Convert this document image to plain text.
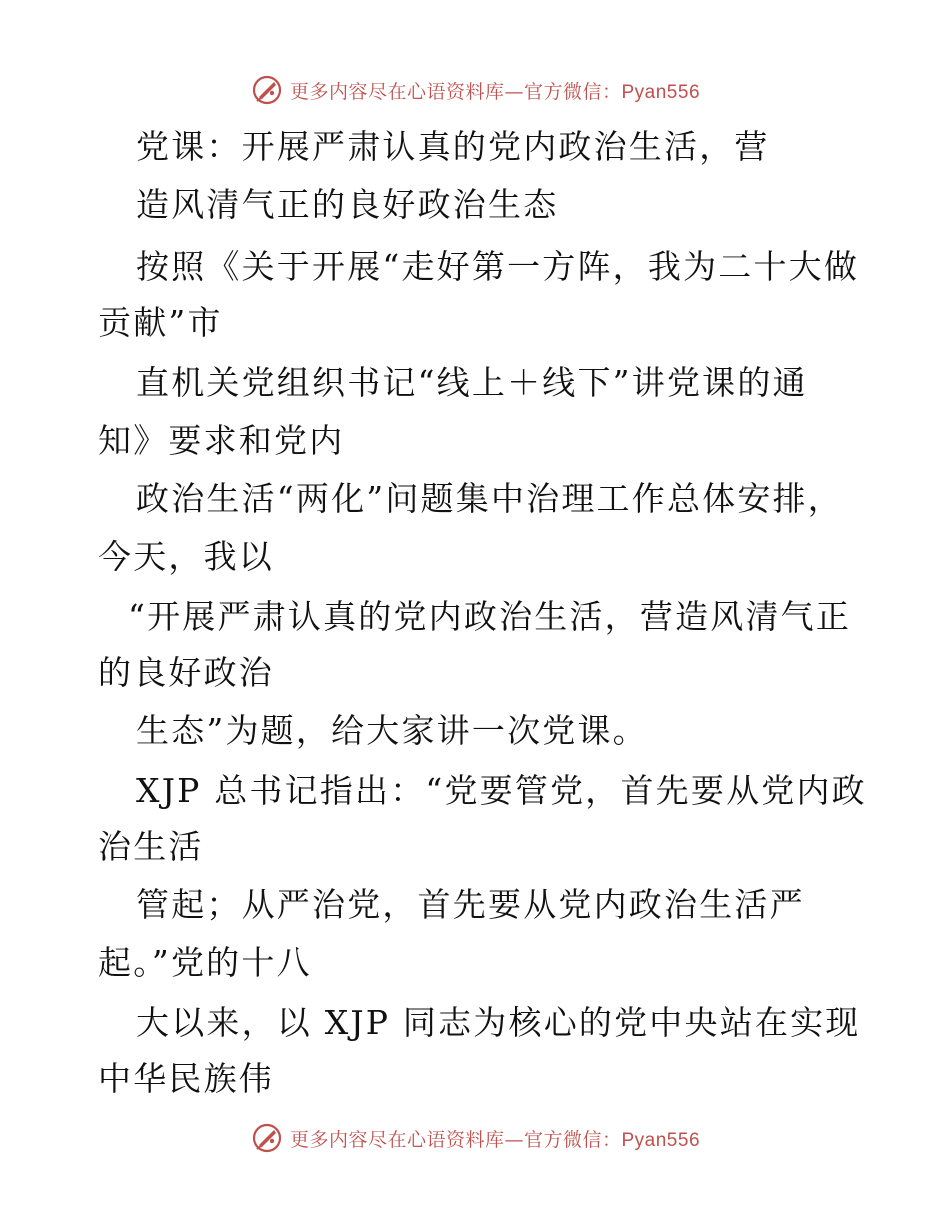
更多内容尽在心语资料库—官方微信：Pyan556
党课：开展严肃认真的党内政治生活，营
造风清气正的良好政治生态
按照《关于开展“走好第一方阵，我为二十大做
贡献”市
直机关党组织书记“线上＋线下”讲党课的通
知》要求和党内
政治生活“两化”问题集中治理工作总体安排，
今天，我以
“开展严肃认真的党内政治生活，营造风清气正
的良好政治
生态”为题，给大家讲一次党课。
XJP 总书记指出：“党要管党，首先要从党内政
治生活
管起；从严治党，首先要从党内政治生活严
起。”党的十八
大以来，以 XJP 同志为核心的党中央站在实现
中华民族伟
更多内容尽在心语资料库—官方微信：Pyan556
